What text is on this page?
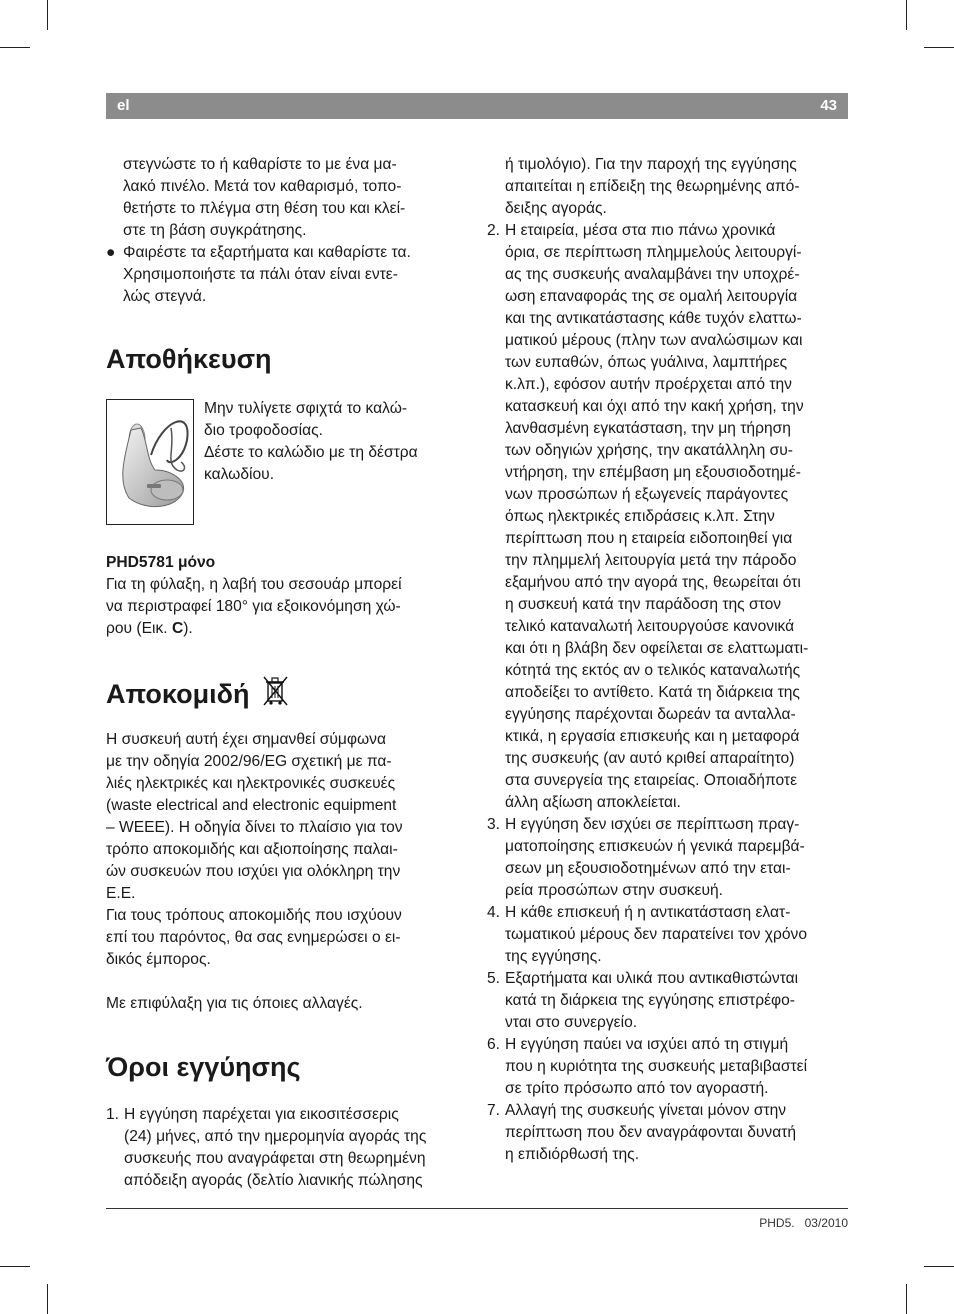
el	43

στεγνώστε το ή καθαρίστε το με ένα μα-

λακό πινέλο. Μετά τον καθαρισμό, τοπο-

θετήστε το πλέγμα στη θέση του και κλεί-

στε τη βάση συγκράτησης.

● Φαιρέστε τα εξαρτήματα και καθαρίστε τα.

Χρησιμοποιήστε τα πάλι όταν είναι εντε-

λώς στεγνά.

Αποθήκευση

Μην τυλίγετε σφιχτά το καλώ-

διο τροφοδοσίας.

Δέστε το καλώδιο με τη δέστρα

καλωδίου.

PHD5781 μόνο

Για τη φύλαξη, η λαβή του σεσουάρ μπορεί

να περιστραφεί 180° για εξοικονόμηση χώ-

ρου (Εικ. C).

Αποκομιδή

Η συσκευή αυτή έχει σημανθεί σύμφωνα

με την οδηγία 2002/96/EG σχετική με πα-

λιές ηλεκτρικές και ηλεκτρονικές συσκευές

(waste electrical and electronic equipment

– WEEE). Η οδηγία δίνει το πλαίσιο για τον

τρόπο αποκομιδής και αξιοποίησης παλαι-

ών συσκευών που ισχύει για ολόκληρη την

Ε.Ε.

Για τους τρόπους αποκομιδής που ισχύουν

επί του παρόντος, θα σας ενημερώσει ο ει-

δικός έμπορος.

Με επιφύλαξη για τις όποιες αλλαγές.

Όροι εγγύησης
1. Η εγγύηση παρέχεται για εικοσιτέσσερις

(24) μήνες, από την ημερομηνία αγοράς της

συσκευής που αναγράφεται στη θεωρημένη

απόδειξη αγοράς (δελτίο λιανικής πώλησης

ή τιμολόγιο). Για την παροχή της εγγύησης

απαιτείται η επίδειξη της θεωρημένης από-

δειξης αγοράς.

2. Η εταιρεία, μέσα στα πιο πάνω χρονικά

όρια, σε περίπτωση πλημμελούς λειτουργί-

ας της συσκευής αναλαμβάνει την υποχρέ-

ωση επαναφοράς της σε ομαλή λειτουργία

και της αντικατάστασης κάθε τυχόν ελαττω-

ματικού μέρους (πλην των αναλώσιμων και

των ευπαθών, όπως γυάλινα, λαμπτήρες

κ.λπ.), εφόσον αυτήν προέρχεται από την

κατασκευή και όχι από την κακή χρήση, την

λανθασμένη εγκατάσταση, την μη τήρηση

των οδηγιών χρήσης, την ακατάλληλη συ-

ντήρηση, την επέμβαση μη εξουσιοδοτημέ-

νων προσώπων ή εξωγενείς παράγοντες

όπως ηλεκτρικές επιδράσεις κ.λπ. Στην

περίπτωση που η εταιρεία ειδοποιηθεί για

την πλημμελή λειτουργία μετά την πάροδο

εξαμήνου από την αγορά της, θεωρείται ότι

η συσκευή κατά την παράδοση της στον

τελικό καταναλωτή λειτουργούσε κανονικά

και ότι η βλάβη δεν οφείλεται σε ελαττωματι-

κότητά της εκτός αν ο τελικός καταναλωτής

αποδείξει το αντίθετο. Κατά τη διάρκεια της

εγγύησης παρέχονται δωρεάν τα ανταλλα-

κτικά, η εργασία επισκευής και η μεταφορά

της συσκευής (αν αυτό κριθεί απαραίτητο)

στα συνεργεία της εταιρείας. Οποιαδήποτε

άλλη αξίωση αποκλείεται.

3. Η εγγύηση δεν ισχύει σε περίπτωση πραγ-

ματοποίησης επισκευών ή γενικά παρεμβά-

σεων μη εξουσιοδοτημένων από την εται-

ρεία προσώπων στην συσκευή.

4. Η κάθε επισκευή ή η αντικατάσταση ελατ-

τωματικού μέρους δεν παρατείνει τον χρόνο

της εγγύησης.

5. Εξαρτήματα και υλικά που αντικαθιστώνται

κατά τη διάρκεια της εγγύησης επιστρέφο-

νται στο συνεργείο.

6. Η εγγύηση παύει να ισχύει από τη στιγμή

που η κυριότητα της συσκευής μεταβιβαστεί

σε τρίτο πρόσωπο από τον αγοραστή.

7. Αλλαγή της συσκευής γίνεται μόνον στην

περίπτωση που δεν αναγράφονται δυνατή

η επιδιόρθωσή της.

PHD5. 03/2010
